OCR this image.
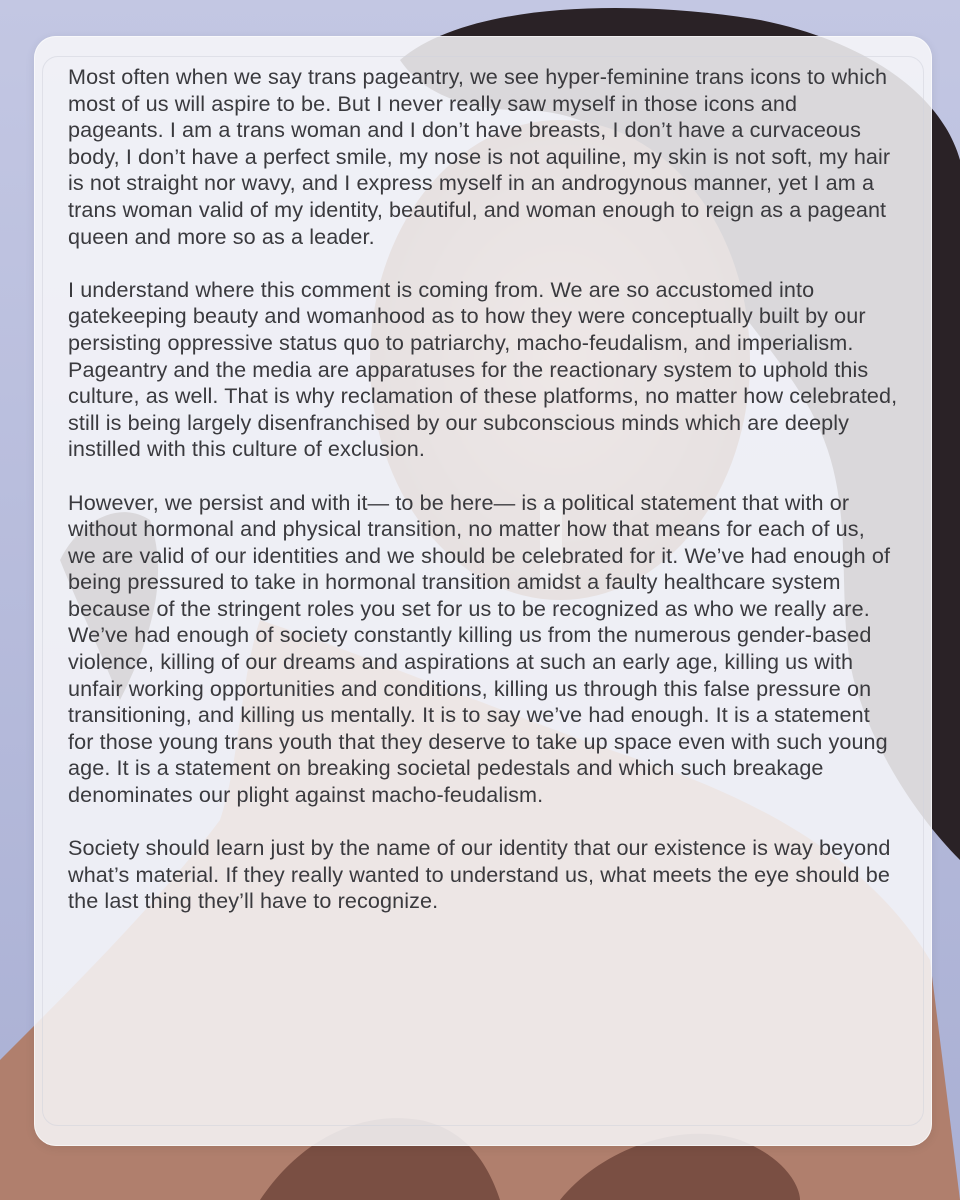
Most often when we say trans pageantry, we see hyper-feminine trans icons to which most of us will aspire to be. But I never really saw myself in those icons and pageants. I am a trans woman and I don’t have breasts, I don’t have a curvaceous body, I don’t have a perfect smile, my nose is not aquiline, my skin is not soft, my hair is not straight nor wavy, and I express myself in an androgynous manner, yet I am a trans woman valid of my identity, beautiful, and woman enough to reign as a pageant queen and more so as a leader.

I understand where this comment is coming from. We are so accustomed into gatekeeping beauty and womanhood as to how they were conceptually built by our persisting oppressive status quo to patriarchy, macho-feudalism, and imperialism. Pageantry and the media are apparatuses for the reactionary system to uphold this culture, as well. That is why reclamation of these platforms, no matter how celebrated, still is being largely disenfranchised by our subconscious minds which are deeply instilled with this culture of exclusion.

However, we persist and with it— to be here— is a political statement that with or without hormonal and physical transition, no matter how that means for each of us, we are valid of our identities and we should be celebrated for it. We’ve had enough of being pressured to take in hormonal transition amidst a faulty healthcare system because of the stringent roles you set for us to be recognized as who we really are. We’ve had enough of society constantly killing us from the numerous gender-based violence, killing of our dreams and aspirations at such an early age, killing us with unfair working opportunities and conditions, killing us through this false pressure on transitioning, and killing us mentally. It is to say we’ve had enough. It is a statement for those young trans youth that they deserve to take up space even with such young age. It is a statement on breaking societal pedestals and which such breakage denominates our plight against macho-feudalism.

Society should learn just by the name of our identity that our existence is way beyond what’s material. If they really wanted to understand us, what meets the eye should be the last thing they’ll have to recognize.
